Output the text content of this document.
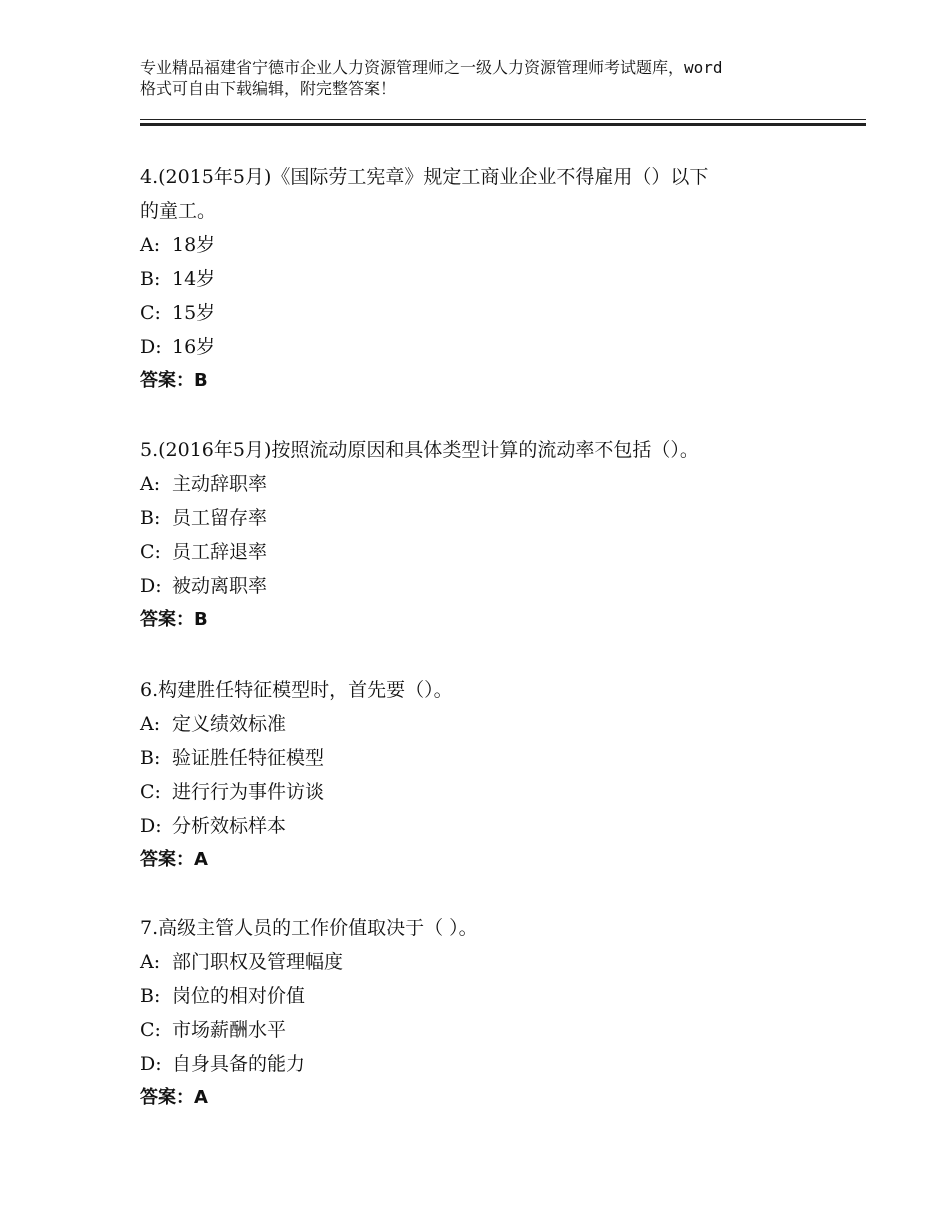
专业精品福建省宁德市企业人力资源管理师之一级人力资源管理师考试题库，word
格式可自由下载编辑，附完整答案！
4.(2015年5月)《国际劳工宪章》规定工商业企业不得雇用（）以下
的童工。
A: 18岁
B: 14岁
C: 15岁
D: 16岁
答案：B
5.(2016年5月)按照流动原因和具体类型计算的流动率不包括（）。
A: 主动辞职率
B: 员工留存率
C: 员工辞退率
D: 被动离职率
答案：B
6.构建胜任特征模型时，首先要（）。
A: 定义绩效标准
B: 验证胜任特征模型
C: 进行行为事件访谈
D: 分析效标样本
答案：A
7.高级主管人员的工作价值取决于（ ）。
A: 部门职权及管理幅度
B: 岗位的相对价值
C: 市场薪酬水平
D: 自身具备的能力
答案：A
